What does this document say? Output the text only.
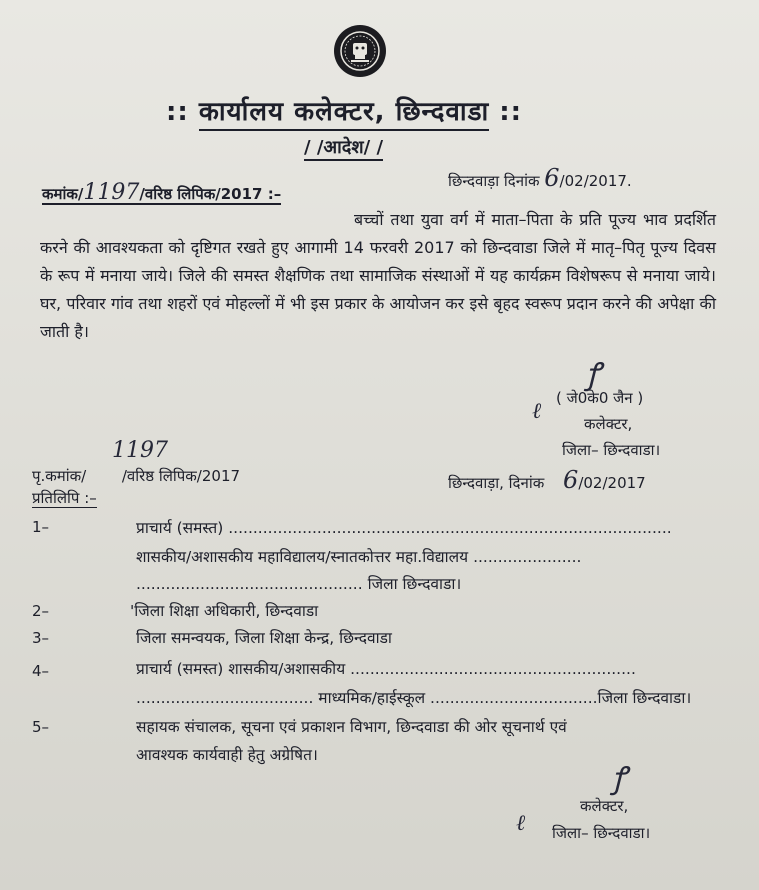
:: कार्यालय कलेक्टर, छिन्दवाडा ::
/ /आदेश/ /
छिन्दवाड़ा दिनांक 6/02/2017.
कमांक/1197/वरिष्ठ लिपिक/2017 :–
बच्चों तथा युवा वर्ग में माता–पिता के प्रति पूज्य भाव प्रदर्शित करने की आवश्यकता को दृष्टिगत रखते हुए आगामी 14 फरवरी 2017 को छिन्दवाडा जिले में मातृ–पितृ पूज्य दिवस के रूप में मनाया जाये। जिले की समस्त शैक्षणिक तथा सामाजिक संस्थाओं में यह कार्यक्रम विशेषरूप से मनाया जाये। घर, परिवार गांव तथा शहरों एवं मोहल्लों में भी इस प्रकार के आयोजन कर इसे बृहद स्वरूप प्रदान करने की अपेक्षा की जाती है।
ꝭ
ℓ
( जे0के0 जैन )
कलेक्टर,
जिला– छिन्दवाडा।
1197
पृ.कमांक/ /वरिष्ठ लिपिक/2017	छिन्दवाड़ा, दिनांक 6/02/2017
प्रतिलिपि :–
1–	प्राचार्य (समस्त) ..........................................................................................
शासकीय/अशासकीय महाविद्यालय/स्नातकोत्तर महा.विद्यालय ......................
.............................................. जिला छिन्दवाडा।
2–	'जिला शिक्षा अधिकारी, छिन्दवाडा
3–	जिला समन्वयक, जिला शिक्षा केन्द्र, छिन्दवाडा
4–	प्राचार्य (समस्त) शासकीय/अशासकीय ..........................................................
.................................... माध्यमिक/हाईस्कूल ..................................जिला छिन्दवाडा।
5–	सहायक संचालक, सूचना एवं प्रकाशन विभाग, छिन्दवाडा की ओर सूचनार्थ एवं
आवश्यक कार्यवाही हेतु अग्रेषित।
ꝭ
ℓ
कलेक्टर,
जिला– छिन्दवाडा।
